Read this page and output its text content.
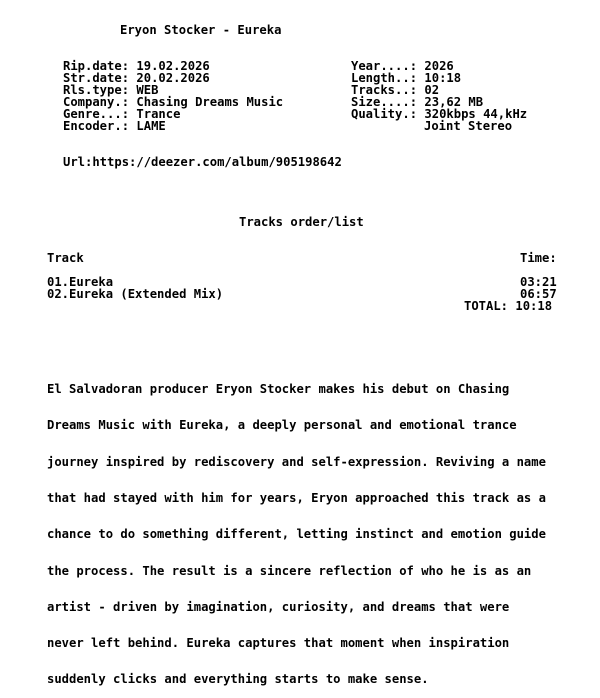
Eryon Stocker - Eureka
Rip.date: 19.02.2026
Str.date: 20.02.2026
Rls.type: WEB
Company.: Chasing Dreams Music
Genre...: Trance
Encoder.: LAME
Year....: 2026
Length..: 10:18
Tracks..: 02
Size....: 23,62 MB
Quality.: 320kbps 44,kHz
Joint Stereo
Url:https://deezer.com/album/905198642
Tracks order/list
Track	Time:
01.Eureka	03:21
02.Eureka (Extended Mix)	06:57
TOTAL: 10:18

El Salvadoran producer Eryon Stocker makes his debut on Chasing

Dreams Music with Eureka, a deeply personal and emotional trance

journey inspired by rediscovery and self-expression. Reviving a name

that had stayed with him for years, Eryon approached this track as a

chance to do something different, letting instinct and emotion guide

the process. The result is a sincere reflection of who he is as an

artist - driven by imagination, curiosity, and dreams that were

never left behind. Eureka captures that moment when inspiration

suddenly clicks and everything starts to make sense.
